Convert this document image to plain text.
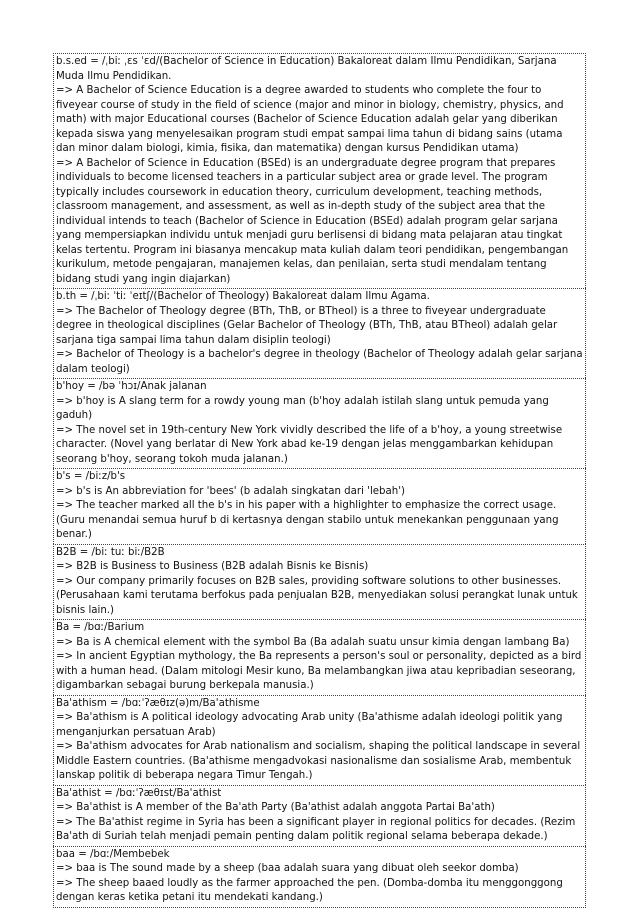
b.s.ed = /ˌbiː ˌɛs ˈɛd/(Bachelor of Science in Education) Bakaloreat dalam Ilmu Pendidikan, Sarjana Muda Ilmu Pendidikan.
=> A Bachelor of Science Education is a degree awarded to students who complete the four to fiveyear course of study in the field of science (major and minor in biology, chemistry, physics, and math) with major Educational courses (Bachelor of Science Education adalah gelar yang diberikan kepada siswa yang menyelesaikan program studi empat sampai lima tahun di bidang sains (utama dan minor dalam biologi, kimia, fisika, dan matematika) dengan kursus Pendidikan utama)
=> A Bachelor of Science in Education (BSEd) is an undergraduate degree program that prepares individuals to become licensed teachers in a particular subject area or grade level. The program typically includes coursework in education theory, curriculum development, teaching methods, classroom management, and assessment, as well as in-depth study of the subject area that the individual intends to teach (Bachelor of Science in Education (BSEd) adalah program gelar sarjana yang mempersiapkan individu untuk menjadi guru berlisensi di bidang mata pelajaran atau tingkat kelas tertentu. Program ini biasanya mencakup mata kuliah dalam teori pendidikan, pengembangan kurikulum, metode pengajaran, manajemen kelas, dan penilaian, serta studi mendalam tentang bidang studi yang ingin diajarkan)
b.th = /ˌbiː ˈtiː ˈeɪtʃ/(Bachelor of Theology) Bakaloreat dalam Ilmu Agama.
=> The Bachelor of Theology degree (BTh, ThB, or BTheol) is a three to fiveyear undergraduate degree in theological disciplines (Gelar Bachelor of Theology (BTh, ThB, atau BTheol) adalah gelar sarjana tiga sampai lima tahun dalam disiplin teologi)
=> Bachelor of Theology is a bachelor's degree in theology (Bachelor of Theology adalah gelar sarjana dalam teologi)
b'hoy = /bə ˈhɔɪ/Anak jalanan
=> b'hoy is A slang term for a rowdy young man (b'hoy adalah istilah slang untuk pemuda yang gaduh)
=> The novel set in 19th-century New York vividly described the life of a b'hoy, a young streetwise character. (Novel yang berlatar di New York abad ke-19 dengan jelas menggambarkan kehidupan seorang b'hoy, seorang tokoh muda jalanan.)
b's = /biːz/b's
=> b's is An abbreviation for 'bees' (b adalah singkatan dari 'lebah')
=> The teacher marked all the b's in his paper with a highlighter to emphasize the correct usage. (Guru menandai semua huruf b di kertasnya dengan stabilo untuk menekankan penggunaan yang benar.)
B2B = /biː tuː biː/B2B
=> B2B is Business to Business (B2B adalah Bisnis ke Bisnis)
=> Our company primarily focuses on B2B sales, providing software solutions to other businesses. (Perusahaan kami terutama berfokus pada penjualan B2B, menyediakan solusi perangkat lunak untuk bisnis lain.)
Ba = /bɑː/Barium
=> Ba is A chemical element with the symbol Ba (Ba adalah suatu unsur kimia dengan lambang Ba)
=> In ancient Egyptian mythology, the Ba represents a person's soul or personality, depicted as a bird with a human head. (Dalam mitologi Mesir kuno, Ba melambangkan jiwa atau kepribadian seseorang, digambarkan sebagai burung berkepala manusia.)
Ba'athism = /bɑːˈʔæθɪz(ə)m/Ba'athisme
=> Ba'athism is A political ideology advocating Arab unity (Ba'athisme adalah ideologi politik yang menganjurkan persatuan Arab)
=> Ba'athism advocates for Arab nationalism and socialism, shaping the political landscape in several Middle Eastern countries. (Ba'athisme mengadvokasi nasionalisme dan sosialisme Arab, membentuk lanskap politik di beberapa negara Timur Tengah.)
Ba'athist = /bɑːˈʔæθɪst/Ba'athist
=> Ba'athist is A member of the Ba'ath Party (Ba'athist adalah anggota Partai Ba'ath)
=> The Ba'athist regime in Syria has been a significant player in regional politics for decades. (Rezim Ba'ath di Suriah telah menjadi pemain penting dalam politik regional selama beberapa dekade.)
baa = /bɑː/Membebek
=> baa is The sound made by a sheep (baa adalah suara yang dibuat oleh seekor domba)
=> The sheep baaed loudly as the farmer approached the pen. (Domba-domba itu menggonggong dengan keras ketika petani itu mendekati kandang.)
